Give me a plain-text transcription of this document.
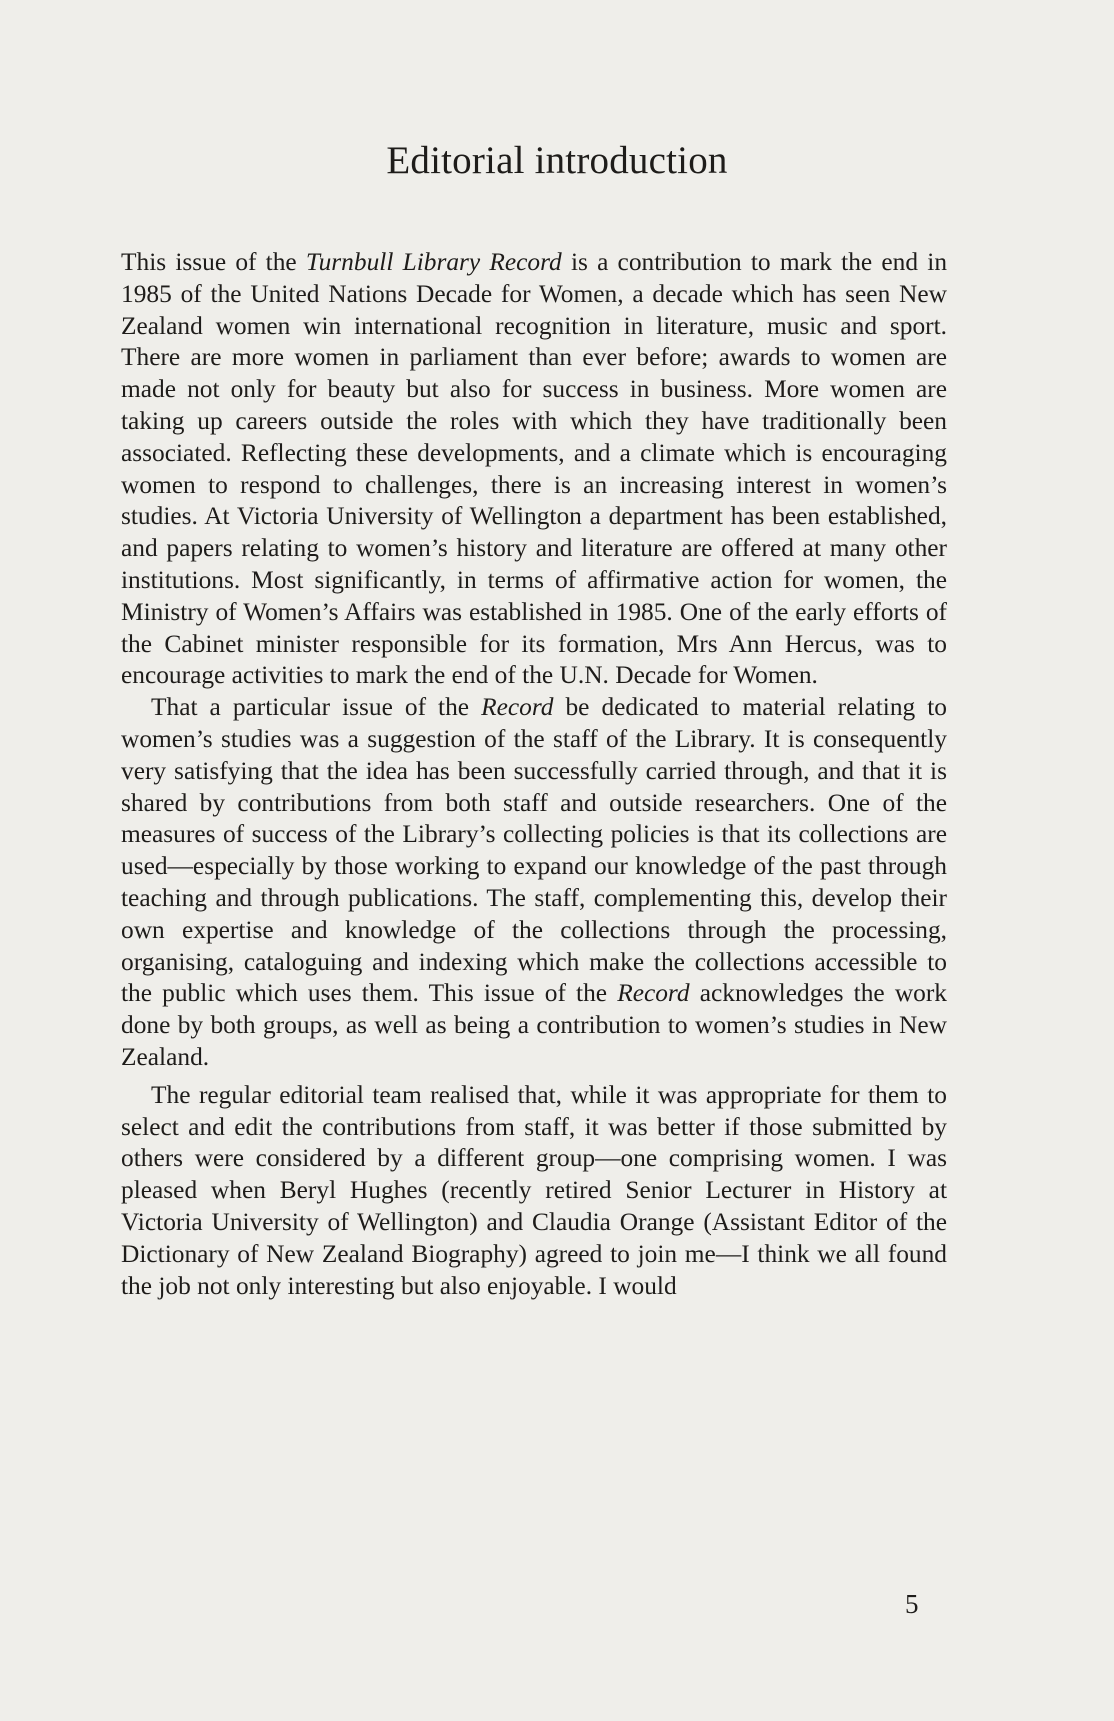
Editorial introduction

This issue of the Turnbull Library Record is a contribution to mark the end in 1985 of the United Nations Decade for Women, a decade which has seen New Zealand women win international recognition in literature, music and sport. There are more women in parliament than ever before; awards to women are made not only for beauty but also for success in business. More women are taking up careers outside the roles with which they have traditionally been associated. Reflecting these developments, and a climate which is encouraging women to respond to challenges, there is an increasing interest in women’s studies. At Victoria University of Wellington a department has been established, and papers relating to women’s history and literature are offered at many other institutions. Most significantly, in terms of affirmative action for women, the Ministry of Women’s Affairs was established in 1985. One of the early efforts of the Cabinet minister responsible for its formation, Mrs Ann Hercus, was to encourage activities to mark the end of the U.N. Decade for Women.

That a particular issue of the Record be dedicated to material relating to women’s studies was a suggestion of the staff of the Library. It is consequently very satisfying that the idea has been successfully carried through, and that it is shared by contributions from both staff and outside researchers. One of the measures of success of the Library’s collecting policies is that its collections are used—especially by those working to expand our knowledge of the past through teaching and through publications. The staff, complementing this, develop their own expertise and knowledge of the collections through the processing, organising, cataloguing and indexing which make the collections accessible to the public which uses them. This issue of the Record acknowledges the work done by both groups, as well as being a contribution to women’s studies in New Zealand.

The regular editorial team realised that, while it was appropriate for them to select and edit the contributions from staff, it was better if those submitted by others were considered by a different group—one comprising women. I was pleased when Beryl Hughes (recently retired Senior Lecturer in History at Victoria University of Wellington) and Claudia Orange (Assistant Editor of the Dictionary of New Zealand Biography) agreed to join me—I think we all found the job not only interesting but also enjoyable. I would

5
